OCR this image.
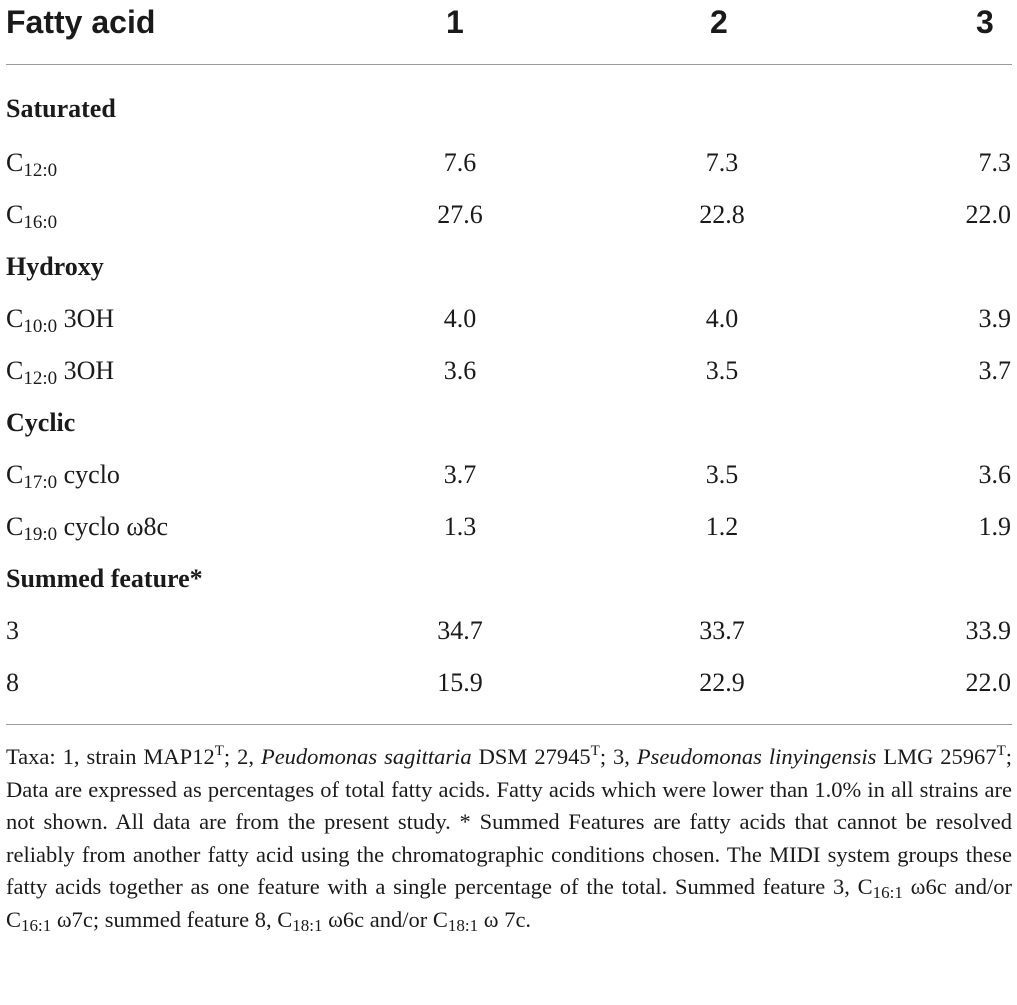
Fatty acid	1	2	3
Saturated
$C_{12:0}$	7.6	7.3	7.3
$C_{16:0}$	27.6	22.8	22.0
Hydroxy
$C_{10:0}$ 3OH	4.0	4.0	3.9
$C_{12:0}$ 3OH	3.6	3.5	3.7
Cyclic
$C_{17:0}$ cyclo	3.7	3.5	3.6
$C_{19:0}$ cyclo ω8c	1.3	1.2	1.9
Summed feature*
3	34.7	33.7	33.9
8	15.9	22.9	22.0
Taxa: 1, strain $MAP12^T$; 2, Peudomonas sagittaria DSM $27945^T$; 3, Pseudomonas linyingensis LMG $25967^T$; Data are expressed as percentages of total fatty acids. Fatty acids which were lower than 1.0% in all strains are not shown. All data are from the present study. * Summed Features are fatty acids that cannot be resolved reliably from another fatty acid using the chromatographic conditions chosen. The MIDI system groups these fatty acids together as one feature with a single percentage of the total. Summed feature 3, $C_{16:1}$ ω6c and/or $C_{16:1}$ ω7c; summed feature 8, $C_{18:1}$ ω6c and/or $C_{18:1}$ ω 7c.
